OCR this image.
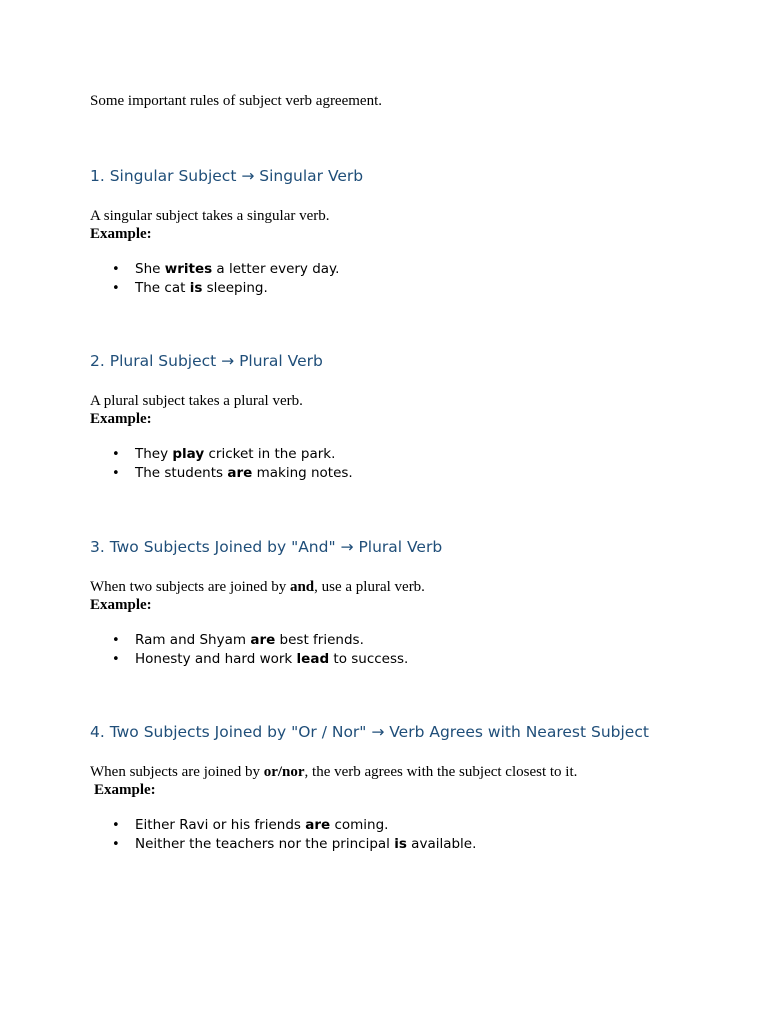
Some important rules of subject verb agreement.
1. Singular Subject → Singular Verb
A singular subject takes a singular verb.
Example:
• She writes a letter every day.
• The cat is sleeping.
2. Plural Subject → Plural Verb
A plural subject takes a plural verb.
Example:
• They play cricket in the park.
• The students are making notes.
3. Two Subjects Joined by "And" → Plural Verb
When two subjects are joined by and, use a plural verb.
Example:
• Ram and Shyam are best friends.
• Honesty and hard work lead to success.
4. Two Subjects Joined by "Or / Nor" → Verb Agrees with Nearest Subject
When subjects are joined by or/nor, the verb agrees with the subject closest to it.
Example:
• Either Ravi or his friends are coming.
• Neither the teachers nor the principal is available.
